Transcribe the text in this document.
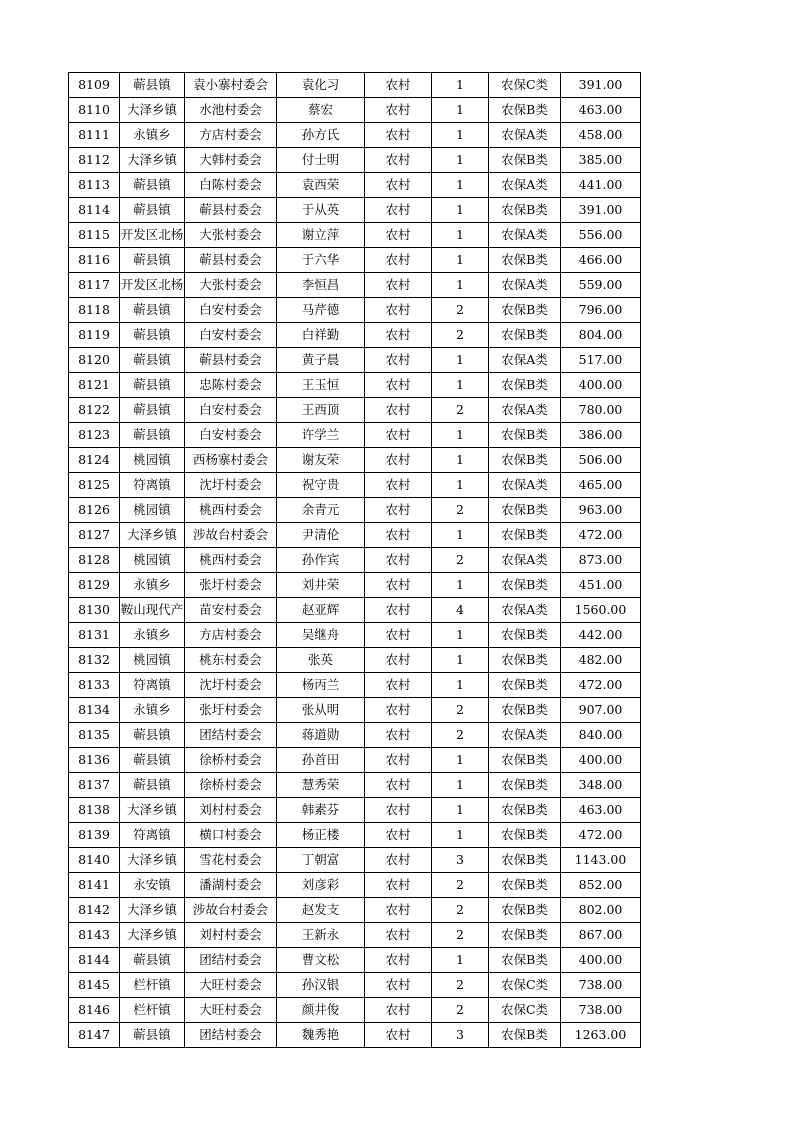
8109	蕲县镇	袁小寨村委会	袁化习	农村	1	农保C类	391.00
8110	大泽乡镇	水池村委会	蔡宏	农村	1	农保B类	463.00
8111	永镇乡	方店村委会	孙方氏	农村	1	农保A类	458.00
8112	大泽乡镇	大韩村委会	付士明	农村	1	农保B类	385.00
8113	蕲县镇	白陈村委会	袁西荣	农村	1	农保A类	441.00
8114	蕲县镇	蕲县村委会	于从英	农村	1	农保B类	391.00
8115	开发区北杨	大张村委会	谢立萍	农村	1	农保A类	556.00
8116	蕲县镇	蕲县村委会	于六华	农村	1	农保B类	466.00
8117	开发区北杨	大张村委会	李恒昌	农村	1	农保A类	559.00
8118	蕲县镇	白安村委会	马芹德	农村	2	农保B类	796.00
8119	蕲县镇	白安村委会	白祥勤	农村	2	农保B类	804.00
8120	蕲县镇	蕲县村委会	黄子晨	农村	1	农保A类	517.00
8121	蕲县镇	忠陈村委会	王玉恒	农村	1	农保B类	400.00
8122	蕲县镇	白安村委会	王西顶	农村	2	农保A类	780.00
8123	蕲县镇	白安村委会	许学兰	农村	1	农保B类	386.00
8124	桃园镇	西杨寨村委会	谢友荣	农村	1	农保B类	506.00
8125	符离镇	沈圩村委会	祝守贵	农村	1	农保A类	465.00
8126	桃园镇	桃西村委会	余青元	农村	2	农保B类	963.00
8127	大泽乡镇	涉故台村委会	尹清伦	农村	1	农保B类	472.00
8128	桃园镇	桃西村委会	孙作宾	农村	2	农保A类	873.00
8129	永镇乡	张圩村委会	刘井荣	农村	1	农保B类	451.00
8130	鞍山现代产	苗安村委会	赵亚辉	农村	4	农保A类	1560.00
8131	永镇乡	方店村委会	吴继舟	农村	1	农保B类	442.00
8132	桃园镇	桃东村委会	张英	农村	1	农保B类	482.00
8133	符离镇	沈圩村委会	杨丙兰	农村	1	农保B类	472.00
8134	永镇乡	张圩村委会	张从明	农村	2	农保B类	907.00
8135	蕲县镇	团结村委会	蒋道勋	农村	2	农保A类	840.00
8136	蕲县镇	徐桥村委会	孙首田	农村	1	农保B类	400.00
8137	蕲县镇	徐桥村委会	慧秀荣	农村	1	农保B类	348.00
8138	大泽乡镇	刘村村委会	韩素芬	农村	1	农保B类	463.00
8139	符离镇	横口村委会	杨正楼	农村	1	农保B类	472.00
8140	大泽乡镇	雪花村委会	丁朝富	农村	3	农保B类	1143.00
8141	永安镇	潘湖村委会	刘彦彩	农村	2	农保B类	852.00
8142	大泽乡镇	涉故台村委会	赵发支	农村	2	农保B类	802.00
8143	大泽乡镇	刘村村委会	王新永	农村	2	农保B类	867.00
8144	蕲县镇	团结村委会	曹文松	农村	1	农保B类	400.00
8145	栏杆镇	大旺村委会	孙汉银	农村	2	农保C类	738.00
8146	栏杆镇	大旺村委会	颜井俊	农村	2	农保C类	738.00
8147	蕲县镇	团结村委会	魏秀艳	农村	3	农保B类	1263.00
